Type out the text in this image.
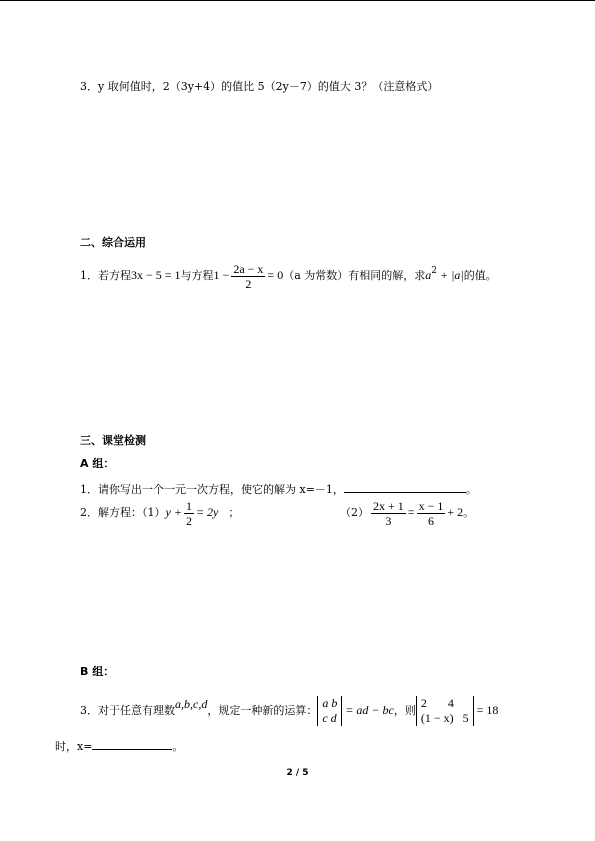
3．y 取何值时，2（3y+4）的值比 5（2y－7）的值大 3？（注意格式）
二、综合运用
1．若方程3x − 5 = 1与方程$1 - \frac{2a - x}{2} = 0(a$ 为常数）有相同的解，求$a^2 + |a|$的值。
三、课堂检测
A 组：
1．请你写出一个一元一次方程，使它的解为 x=－1，	。
2．解方程：$(1)y + \frac{1}{2} = 2y$ ；	$(2) \frac{2x + 1}{3} = \frac{x - 1}{6} + 2$。
B 组：
3．对于任意有理数a,b,c,d，规定一种新的运算：
a b
c d
= ad − bc，则
2       4
(1 − x)   5
= 18
时，x=	。
2 / 5
